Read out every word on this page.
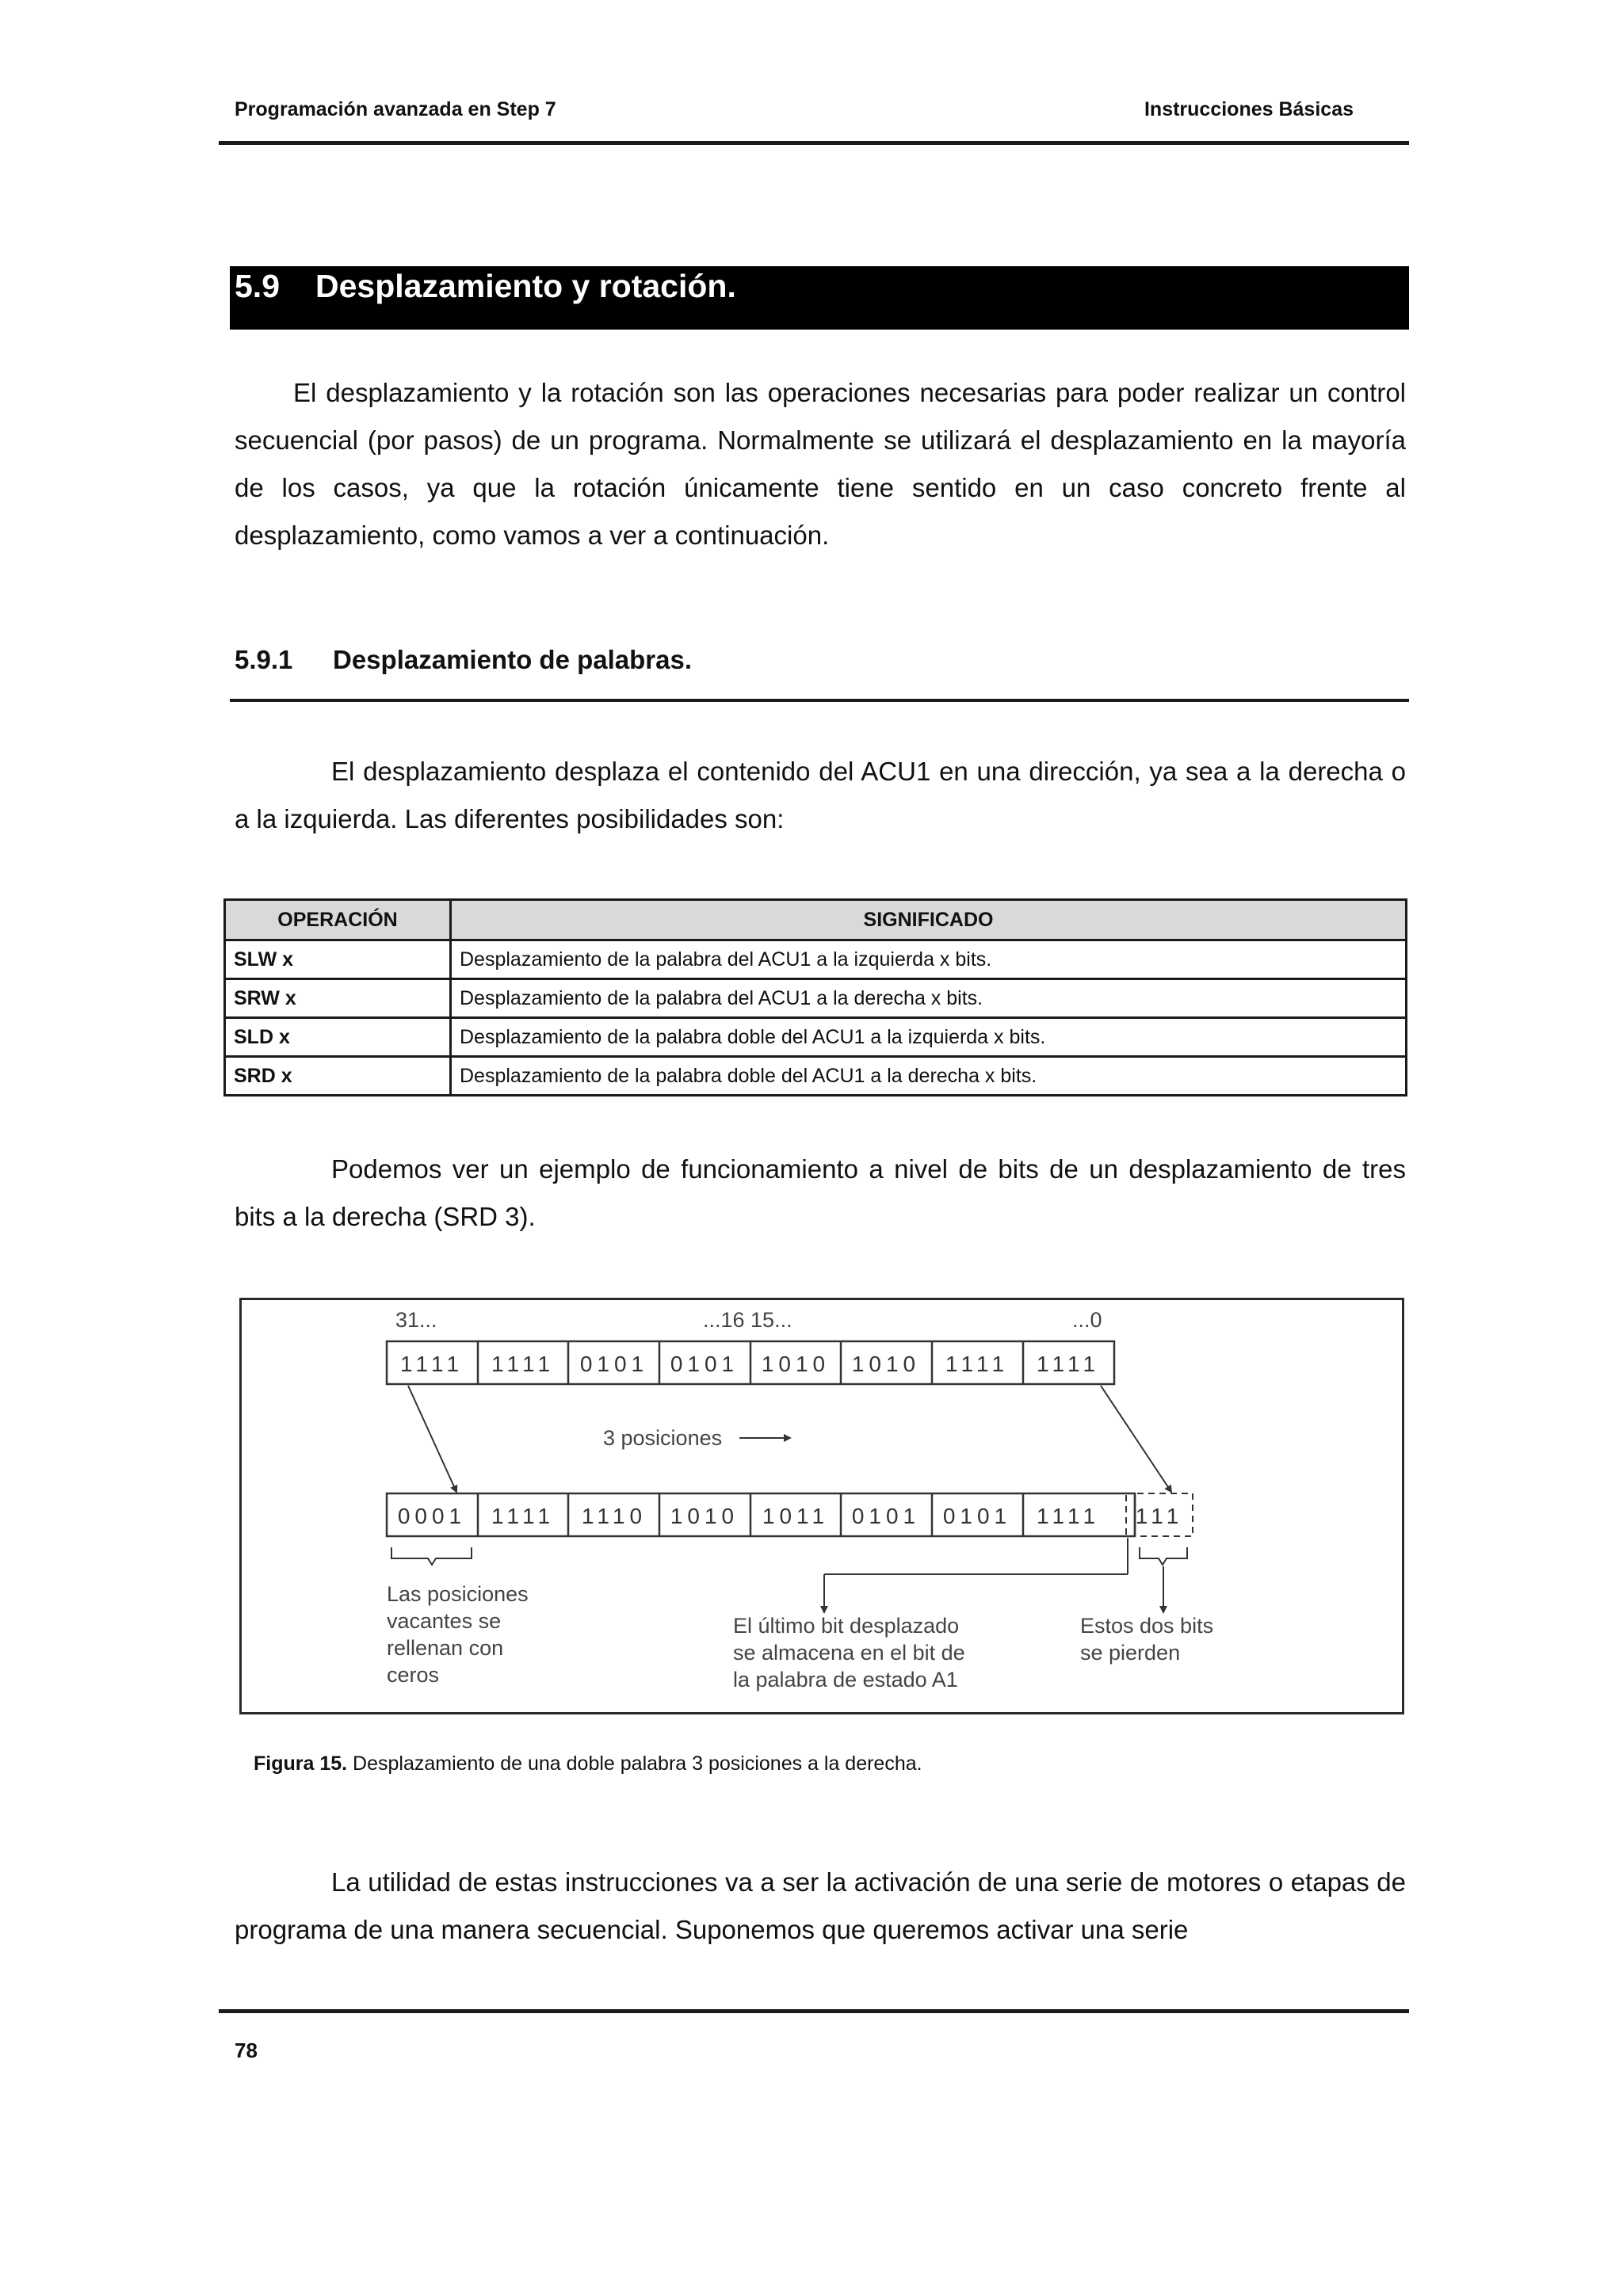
Programación avanzada en Step 7	Instrucciones Básicas
5.9 Desplazamiento y rotación.
El desplazamiento y la rotación son las operaciones necesarias para poder realizar un control secuencial (por pasos) de un programa. Normalmente se utilizará el desplazamiento en la mayoría de los casos, ya que la rotación únicamente tiene sentido en un caso concreto frente al desplazamiento, como vamos a ver a continuación.
5.9.1 Desplazamiento de palabras.
El desplazamiento desplaza el contenido del ACU1 en una dirección, ya sea a la derecha o a la izquierda. Las diferentes posibilidades son:
OPERACIÓN	SIGNIFICADO
SLW x	Desplazamiento de la palabra del ACU1 a la izquierda x bits.
SRW x	Desplazamiento de la palabra del ACU1 a la derecha x bits.
SLD x	Desplazamiento de la palabra doble del ACU1 a la izquierda x bits.
SRD x	Desplazamiento de la palabra doble del ACU1 a la derecha x bits.
Podemos ver un ejemplo de funcionamiento a nivel de bits de un desplazamiento de tres bits a la derecha (SRD 3).
31...	...16 15...	...0
1111 1111 0101 0101 1010 1010 1111 1111
3 posiciones
0001 1111 1110 1010 1011 0101 0101 1111 111
Las posiciones
vacantes se
rellenan con
ceros
El último bit desplazado
se almacena en el bit de
la palabra de estado A1
Estos dos bits
se pierden
Figura 15. Desplazamiento de una doble palabra 3 posiciones a la derecha.
La utilidad de estas instrucciones va a ser la activación de una serie de motores o etapas de programa de una manera secuencial. Suponemos que queremos activar una serie
78
